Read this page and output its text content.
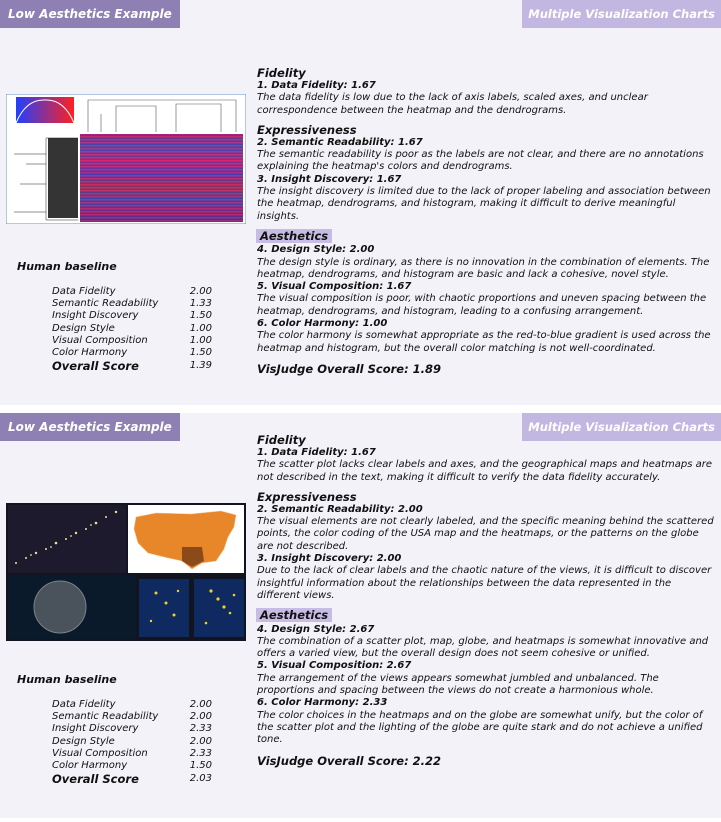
Low Aesthetics Example	Multiple Visualization Charts
Human baseline
Data Fidelity	2.00
Semantic Readability	1.33
Insight Discovery	1.50
Design Style	1.00
Visual Composition	1.00
Color Harmony	1.50
Overall Score	1.39
Fidelity
1. Data Fidelity: 1.67
The data fidelity is low due to the lack of axis labels, scaled axes, and unclear correspondence between the heatmap and the dendrograms.
Expressiveness
2. Semantic Readability: 1.67
The semantic readability is poor as the labels are not clear, and there are no annotations explaining the heatmap's colors and dendrograms.
3. Insight Discovery: 1.67
The insight discovery is limited due to the lack of proper labeling and association between the heatmap, dendrograms, and histogram, making it difficult to derive meaningful insights.
Aesthetics
4. Design Style: 2.00
The design style is ordinary, as there is no innovation in the combination of elements. The heatmap, dendrograms, and histogram are basic and lack a cohesive, novel style.
5. Visual Composition: 1.67
The visual composition is poor, with chaotic proportions and uneven spacing between the heatmap, dendrograms, and histogram, leading to a confusing arrangement.
6. Color Harmony: 1.00
The color harmony is somewhat appropriate as the red-to-blue gradient is used across the heatmap and histogram, but the overall color matching is not well-coordinated.
VisJudge Overall Score: 1.89
Low Aesthetics Example	Multiple Visualization Charts
Human baseline
Data Fidelity	2.00
Semantic Readability	2.00
Insight Discovery	2.33
Design Style	2.00
Visual Composition	2.33
Color Harmony	1.50
Overall Score	2.03
Fidelity
1. Data Fidelity: 1.67
The scatter plot lacks clear labels and axes, and the geographical maps and heatmaps are not described in the text, making it difficult to verify the data fidelity accurately.
Expressiveness
2. Semantic Readability: 2.00
The visual elements are not clearly labeled, and the specific meaning behind the scattered points, the color coding of the USA map and the heatmaps, or the patterns on the globe are not described.
3. Insight Discovery: 2.00
Due to the lack of clear labels and the chaotic nature of the views, it is difficult to discover insightful information about the relationships between the data represented in the different views.
Aesthetics
4. Design Style: 2.67
The combination of a scatter plot, map, globe, and heatmaps is somewhat innovative and offers a varied view, but the overall design does not seem cohesive or unified.
5. Visual Composition: 2.67
The arrangement of the views appears somewhat jumbled and unbalanced. The proportions and spacing between the views do not create a harmonious whole.
6. Color Harmony: 2.33
The color choices in the heatmaps and on the globe are somewhat unify, but the color of the scatter plot and the lighting of the globe are quite stark and do not achieve a unified tone.
VisJudge Overall Score: 2.22
